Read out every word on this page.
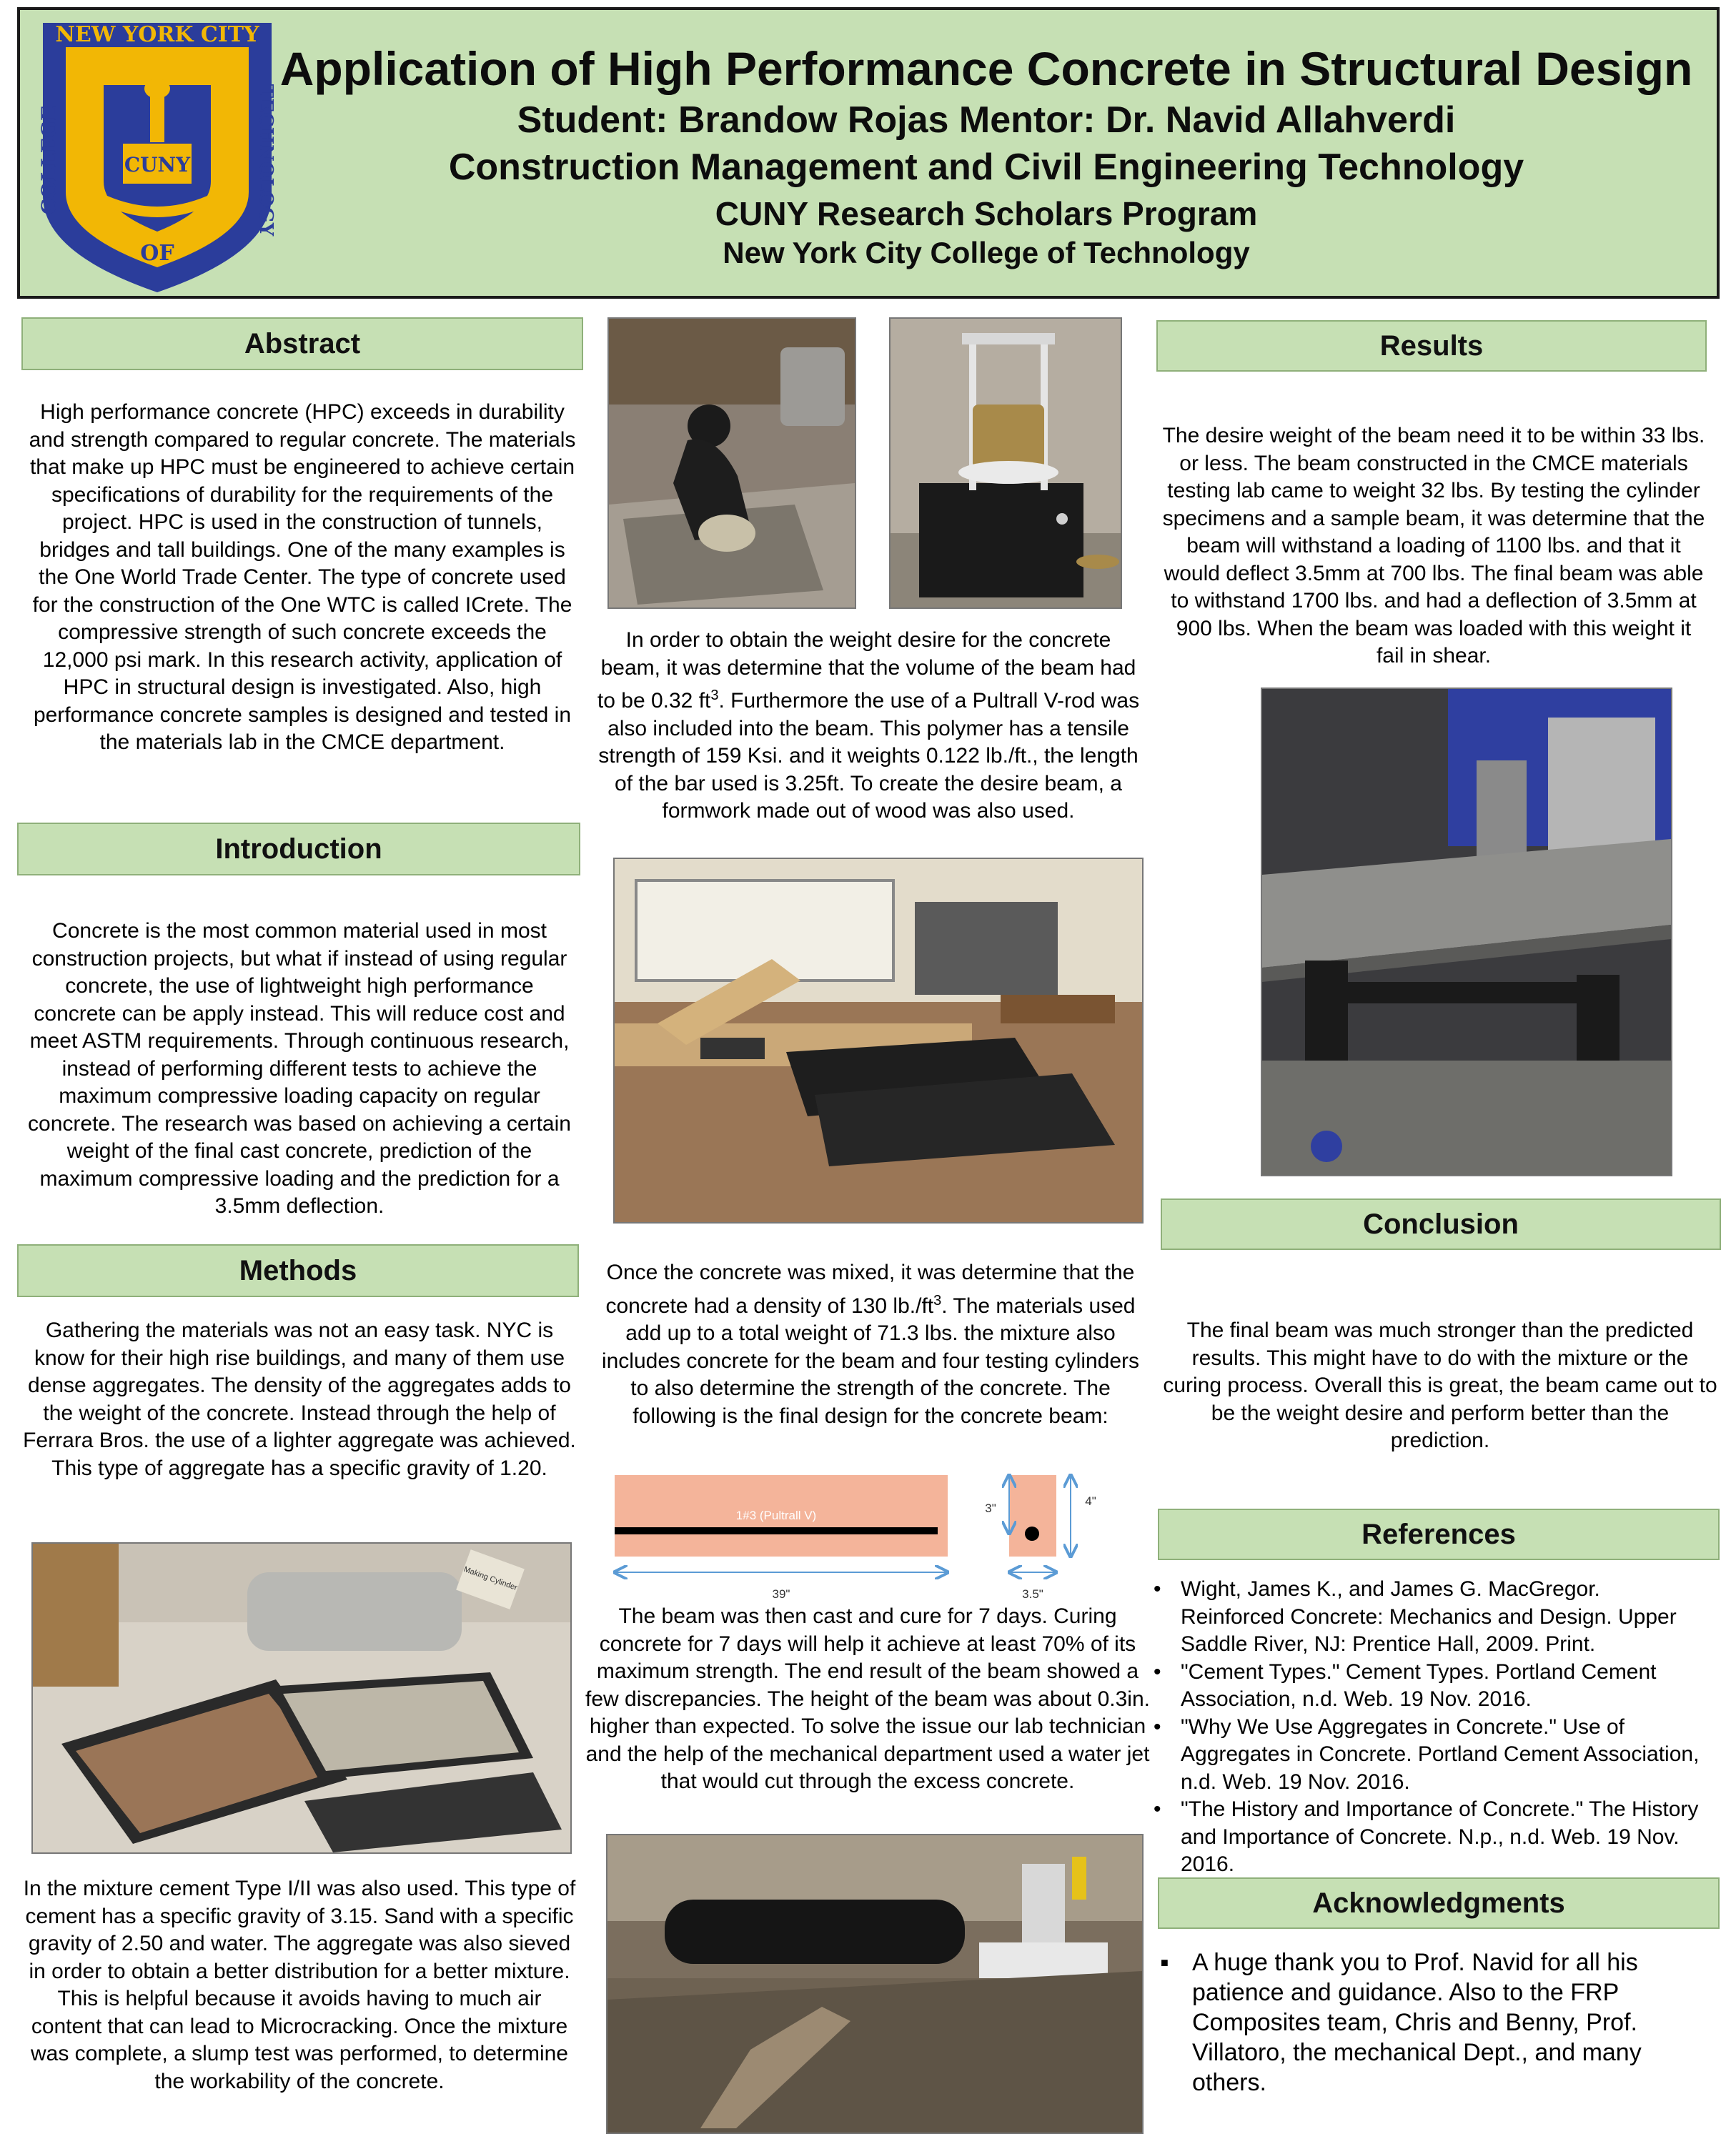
NEW YORK CITY
COLLEGE	TECHNOLOGY
OF
CUNY
Application of High Performance Concrete in Structural Design
Student: Brandow Rojas Mentor: Dr. Navid Allahverdi
Construction Management and Civil Engineering Technology
CUNY Research Scholars Program
New York City College of Technology
Abstract
High performance concrete (HPC) exceeds in durability and strength compared to regular concrete. The materials that make up HPC must be engineered to achieve certain specifications of durability for the requirements of the project. HPC is used in the construction of tunnels, bridges and tall buildings. One of the many examples is the One World Trade Center. The type of concrete used for the construction of the One WTC is called ICrete. The compressive strength of such concrete exceeds the 12,000 psi mark. In this research activity, application of HPC in structural design is investigated. Also, high performance concrete samples is designed and tested in the materials lab in the CMCE department.
Introduction
Concrete is the most common material used in most construction projects, but what if instead of using regular concrete, the use of lightweight high performance concrete can be apply instead. This will reduce cost and meet ASTM requirements. Through continuous research, instead of performing different tests to achieve the maximum compressive loading capacity on regular concrete. The research was based on achieving a certain weight of the final cast concrete, prediction of the maximum compressive loading and the prediction for a 3.5mm deflection.
Methods
Gathering the materials was not an easy task. NYC is know for their high rise buildings, and many of them use dense aggregates. The density of the aggregates adds to the weight of the concrete. Instead through the help of Ferrara Bros. the use of a lighter aggregate was achieved. This type of aggregate has a specific gravity of 1.20.
Making Cylinder
In the mixture cement Type I/II was also used. This type of cement has a specific gravity of 3.15. Sand with a specific gravity of 2.50 and water. The aggregate was also sieved in order to obtain a better distribution for a better mixture. This is helpful because it avoids having to much air content that can lead to Microcracking. Once the mixture was complete, a slump test was performed, to determine the workability of the concrete.
In order to obtain the weight desire for the concrete beam, it was determine that the volume of the beam had to be 0.32 $ft^3$. Furthermore the use of a Pultrall V-rod was also included into the beam. This polymer has a tensile strength of 159 Ksi. and it weights 0.122 lb./ft., the length of the bar used is 3.25ft. To create the desire beam, a formwork made out of wood was also used.
Once the concrete was mixed, it was determine that the concrete had a density of 130 $lb./ft^3$. The materials used add up to a total weight of 71.3 lbs. the mixture also includes concrete for the beam and four testing cylinders to also determine the strength of the concrete. The following is the final design for the concrete beam:
1#3 (Pultrall V)
39"
3"
4"
3.5"
The beam was then cast and cure for 7 days. Curing concrete for 7 days will help it achieve at least 70% of its maximum strength. The end result of the beam showed a few discrepancies. The height of the beam was about 0.3in. higher than expected. To solve the issue our lab technician and the help of the mechanical department used a water jet that would cut through the excess concrete.
Results
The desire weight of the beam need it to be within 33 lbs. or less. The beam constructed in the CMCE materials testing lab came to weight 32 lbs. By testing the cylinder specimens and a sample beam, it was determine that the beam will withstand a loading of 1100 lbs. and that it would deflect 3.5mm at 700 lbs. The final beam was able to withstand 1700 lbs. and had a deflection of 3.5mm at 900 lbs. When the beam was loaded with this weight it fail in shear.
Conclusion
The final beam was much stronger than the predicted results. This might have to do with the mixture or the curing process. Overall this is great, the beam came out to be the weight desire and perform better than the prediction.
References
• Wight, James K., and James G. MacGregor. Reinforced Concrete: Mechanics and Design. Upper Saddle River, NJ: Prentice Hall, 2009. Print.
• "Cement Types." Cement Types. Portland Cement Association, n.d. Web. 19 Nov. 2016.
• "Why We Use Aggregates in Concrete." Use of Aggregates in Concrete. Portland Cement Association, n.d. Web. 19 Nov. 2016.
• "The History and Importance of Concrete." The History and Importance of Concrete. N.p., n.d. Web. 19 Nov. 2016.
Acknowledgments
■ A huge thank you to Prof. Navid for all his patience and guidance. Also to the FRP Composites team, Chris and Benny, Prof. Villatoro, the mechanical Dept., and many others.
